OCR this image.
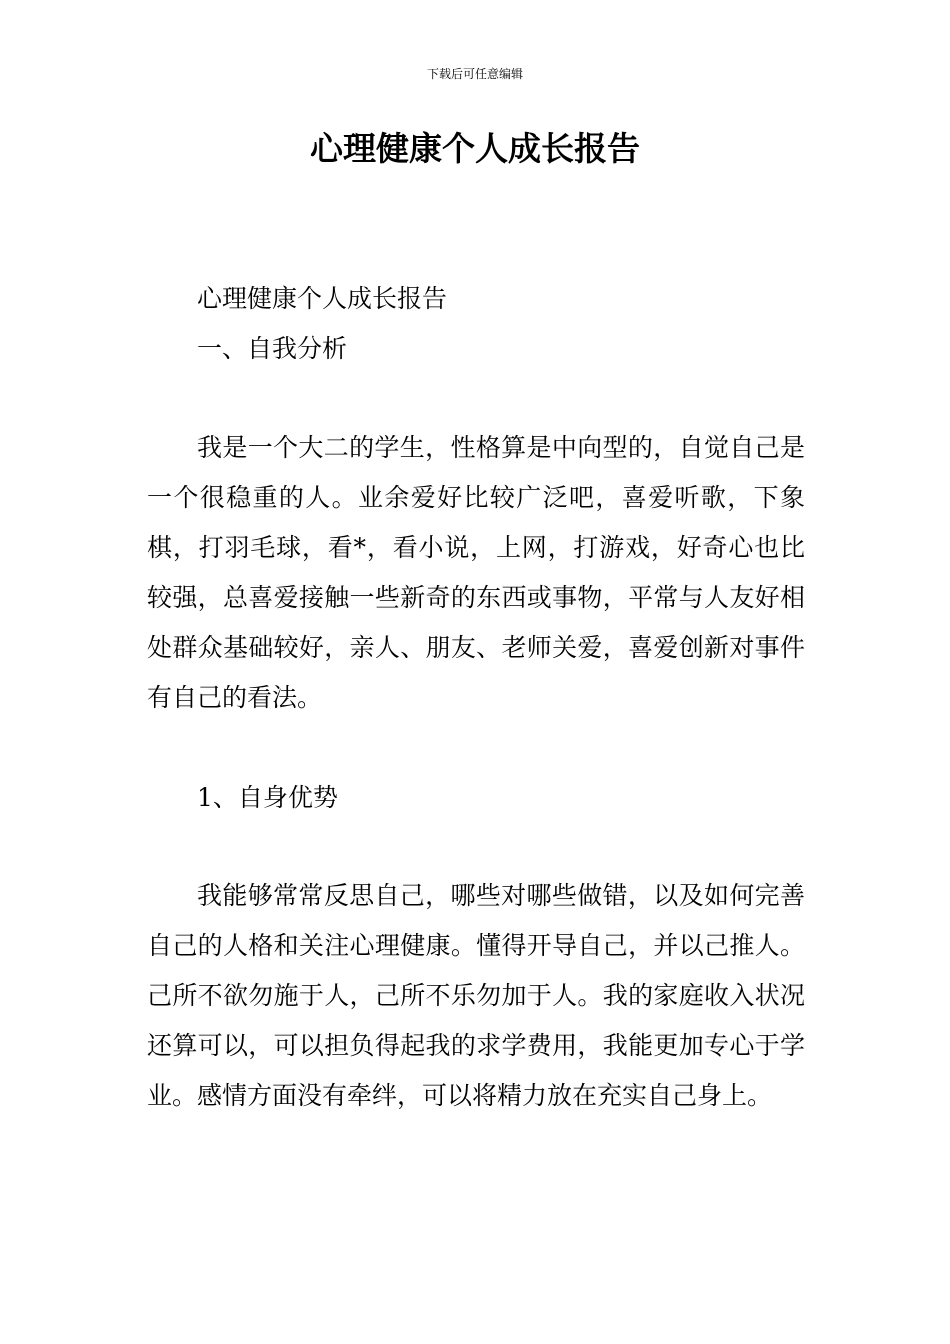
下载后可任意编辑
心理健康个人成长报告

心理健康个人成长报告

一、自我分析

我是一个大二的学生，性格算是中向型的，自觉自己是一个很稳重的人。业余爱好比较广泛吧，喜爱听歌，下象棋，打羽毛球，看*，看小说，上网，打游戏，好奇心也比较强，总喜爱接触一些新奇的东西或事物，平常与人友好相处群众基础较好，亲人、朋友、老师关爱，喜爱创新对事件有自己的看法。

1、自身优势

我能够常常反思自己，哪些对哪些做错，以及如何完善自己的人格和关注心理健康。懂得开导自己，并以己推人。己所不欲勿施于人，己所不乐勿加于人。我的家庭收入状况还算可以，可以担负得起我的求学费用，我能更加专心于学业。感情方面没有牵绊，可以将精力放在充实自己身上。
